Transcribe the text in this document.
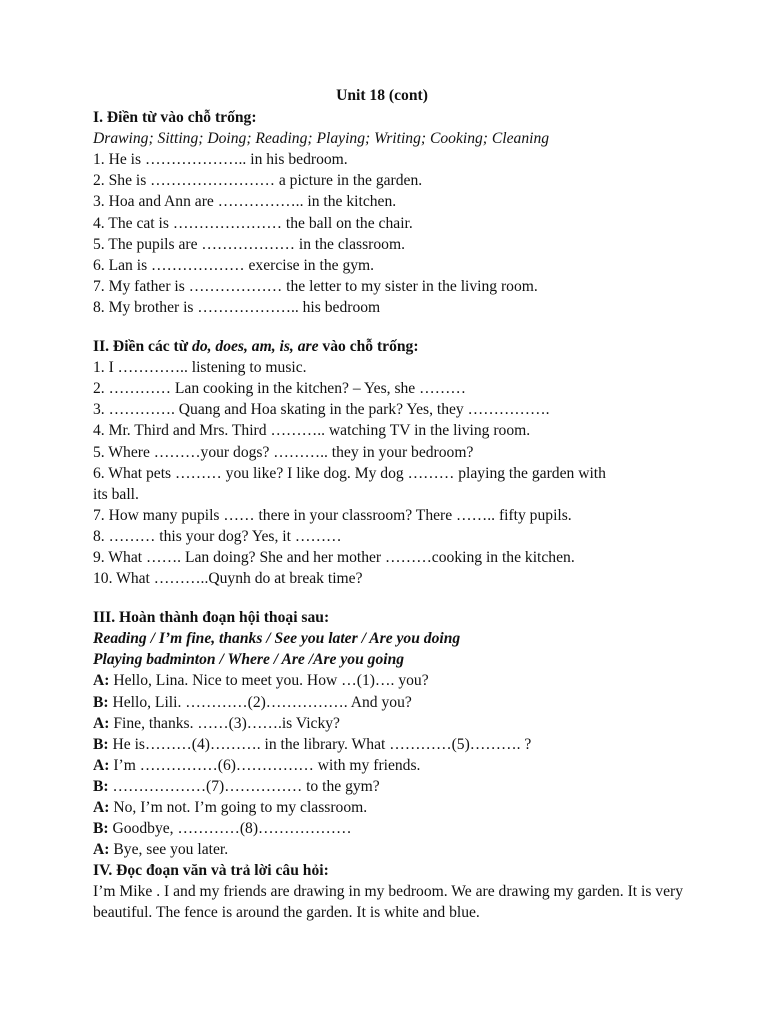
Unit 18 (cont)
I. Điền từ vào chỗ trống:
Drawing; Sitting; Doing; Reading; Playing; Writing; Cooking; Cleaning
1. He is ……………….. in his bedroom.
2. She is …………………… a picture in the garden.
3. Hoa and Ann are …………….. in the kitchen.
4. The cat is ………………… the ball on the chair.
5. The pupils are ……………… in the classroom.
6. Lan is ……………… exercise in the gym.
7. My father is ……………… the letter to my sister in the living room.
8. My brother is ……………….. his bedroom
II. Điền các từ do, does, am, is, are vào chỗ trống:
1. I ………….. listening to music.
2. ………… Lan cooking in the kitchen? – Yes, she ………
3. …………. Quang and Hoa skating in the park? Yes, they …………….
4. Mr. Third and Mrs. Third ……….. watching TV in the living room.
5. Where ………your dogs? ……….. they in your bedroom?
6. What pets ……… you like? I like dog. My dog ……… playing the garden with
its ball.
7. How many pupils …… there in your classroom? There …….. fifty pupils.
8. ……… this your dog? Yes, it ………
9. What ……. Lan doing? She and her mother ………cooking in the kitchen.
10. What ………..Quynh do at break time?
III. Hoàn thành đoạn hội thoại sau:
Reading / I’m fine, thanks / See you later / Are you doing
Playing badminton / Where / Are /Are you going
A: Hello, Lina. Nice to meet you. How …(1)…. you?
B: Hello, Lili. …………(2)……………. And you?
A: Fine, thanks. ……(3)…….is Vicky?
B: He is………(4)………. in the library. What …………(5)………. ?
A: I’m ……………(6)…………… with my friends.
B: ………………(7)…………… to the gym?
A: No, I’m not. I’m going to my classroom.
B: Goodbye, …………(8)………………
A: Bye, see you later.
IV. Đọc đoạn văn và trả lời câu hỏi:
I’m Mike . I and my friends are drawing in my bedroom. We are drawing my garden. It is very beautiful. The fence is around the garden. It is white and blue.
